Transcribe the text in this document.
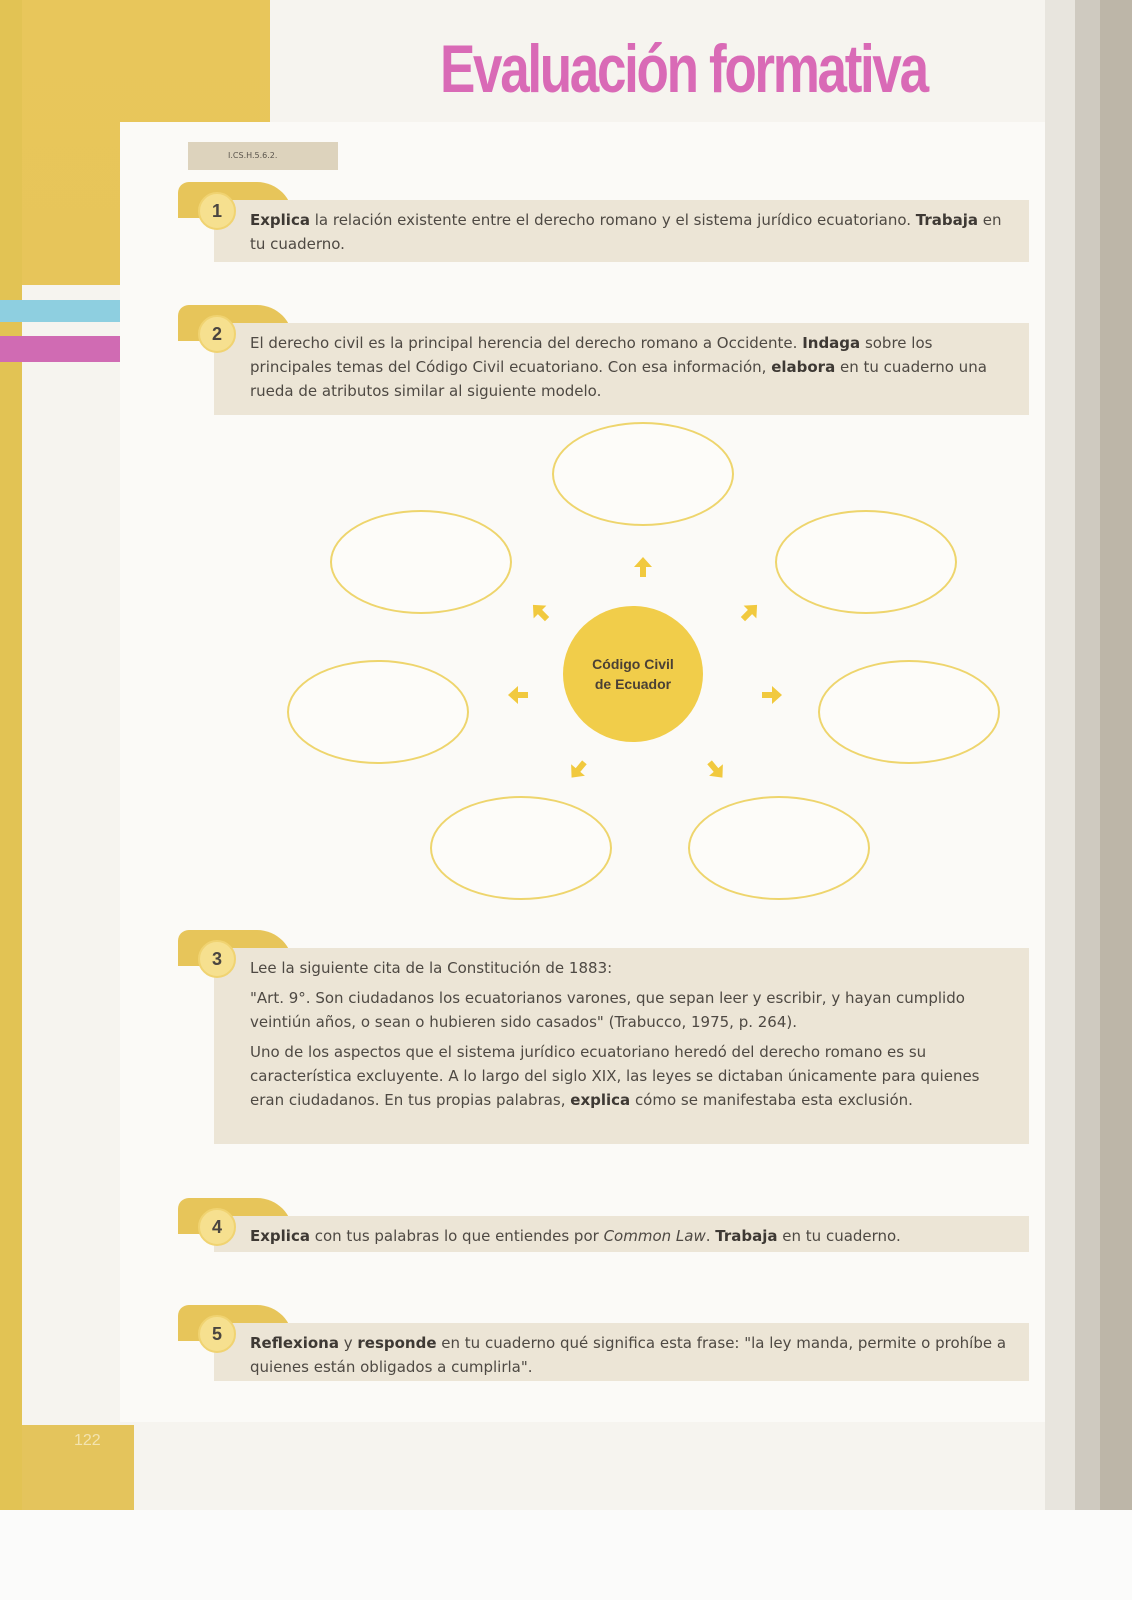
Evaluación formativa
I.CS.H.5.6.2.

Explica la relación existente entre el derecho romano y el sistema jurídico ecuatoriano. Trabaja en tu cuaderno.

1

El derecho civil es la principal herencia del derecho romano a Occidente. Indaga sobre los principales temas del Código Civil ecuatoriano. Con esa información, elabora en tu cuaderno una rueda de atributos similar al siguiente modelo.

2
Código Civil
de Ecuador

Lee la siguiente cita de la Constitución de 1883:

"Art. 9°. Son ciudadanos los ecuatorianos varones, que sepan leer y escribir, y hayan cumplido veintiún años, o sean o hubieren sido casados" (Trabucco, 1975, p. 264).

Uno de los aspectos que el sistema jurídico ecuatoriano heredó del derecho romano es su característica excluyente. A lo largo del siglo XIX, las leyes se dictaban únicamente para quienes eran ciudadanos. En tus propias palabras, explica cómo se manifestaba esta exclusión.

3

Explica con tus palabras lo que entiendes por Common Law. Trabaja en tu cuaderno.

4

Reflexiona y responde en tu cuaderno qué significa esta frase: "la ley manda, permite o prohíbe a quienes están obligados a cumplirla".

5
122
